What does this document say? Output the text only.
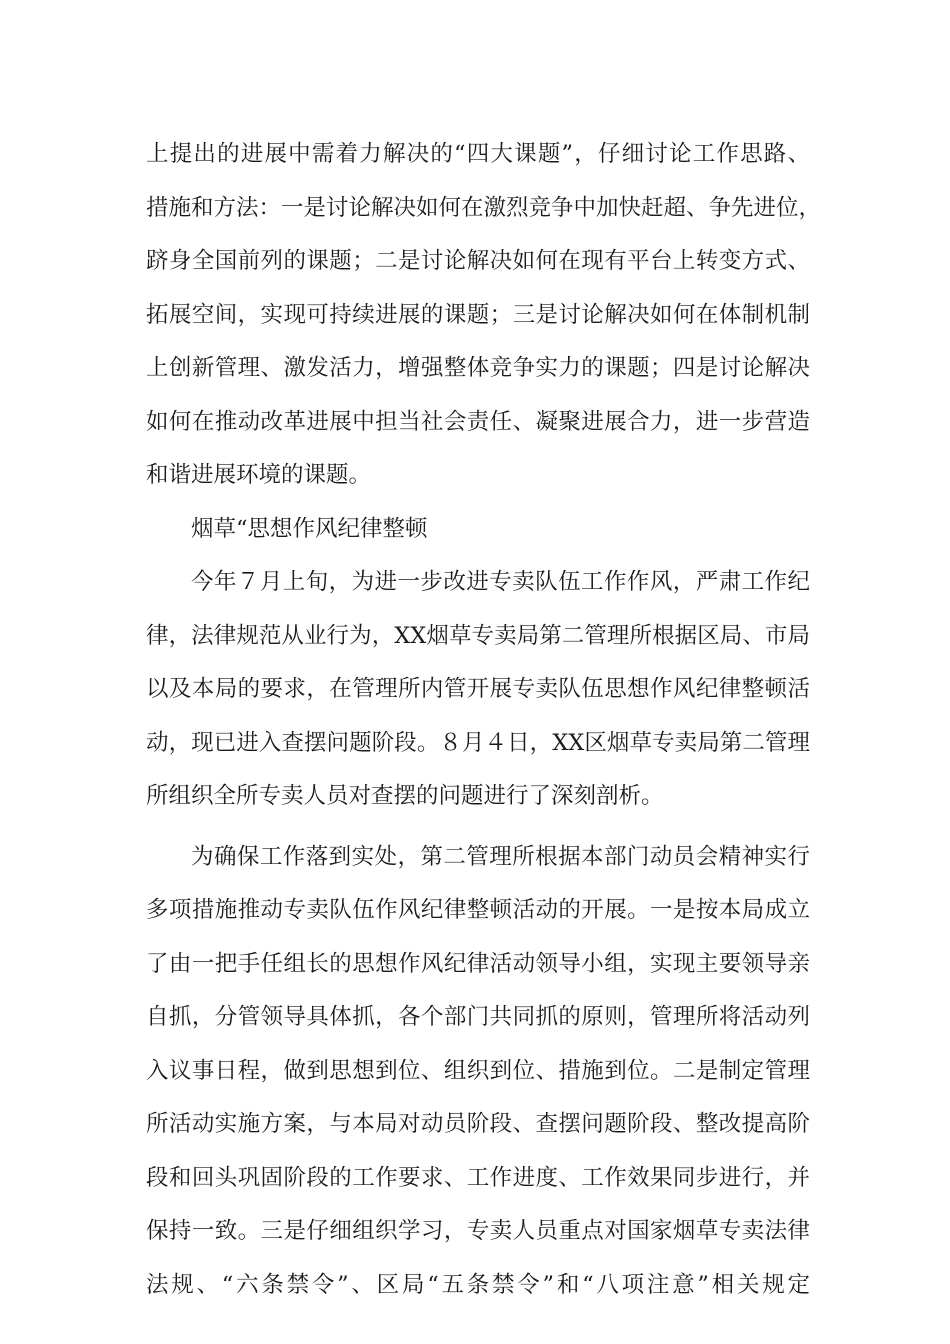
上提出的进展中需着力解决的“四大课题”，仔细讨论工作思路、
措施和方法：一是讨论解决如何在激烈竞争中加快赶超、争先进位，
跻身全国前列的课题；二是讨论解决如何在现有平台上转变方式、
拓展空间，实现可持续进展的课题；三是讨论解决如何在体制机制
上创新管理、激发活力，增强整体竞争实力的课题；四是讨论解决
如何在推动改革进展中担当社会责任、凝聚进展合力，进一步营造
和谐进展环境的课题。
烟草“思想作风纪律整顿
今年７月上旬，为进一步改进专卖队伍工作作风，严肃工作纪
律，法律规范从业行为，XX烟草专卖局第二管理所根据区局、市局
以及本局的要求，在管理所内管开展专卖队伍思想作风纪律整顿活
动，现已进入查摆问题阶段。８月４日，XX区烟草专卖局第二管理
所组织全所专卖人员对查摆的问题进行了深刻剖析。
为确保工作落到实处，第二管理所根据本部门动员会精神实行
多项措施推动专卖队伍作风纪律整顿活动的开展。一是按本局成立
了由一把手任组长的思想作风纪律活动领导小组，实现主要领导亲
自抓，分管领导具体抓，各个部门共同抓的原则，管理所将活动列
入议事日程，做到思想到位、组织到位、措施到位。二是制定管理
所活动实施方案，与本局对动员阶段、查摆问题阶段、整改提高阶
段和回头巩固阶段的工作要求、工作进度、工作效果同步进行，并
保持一致。三是仔细组织学习，专卖人员重点对国家烟草专卖法律
法规、“六条禁令”、区局“五条禁令”和“八项注意”相关规定
